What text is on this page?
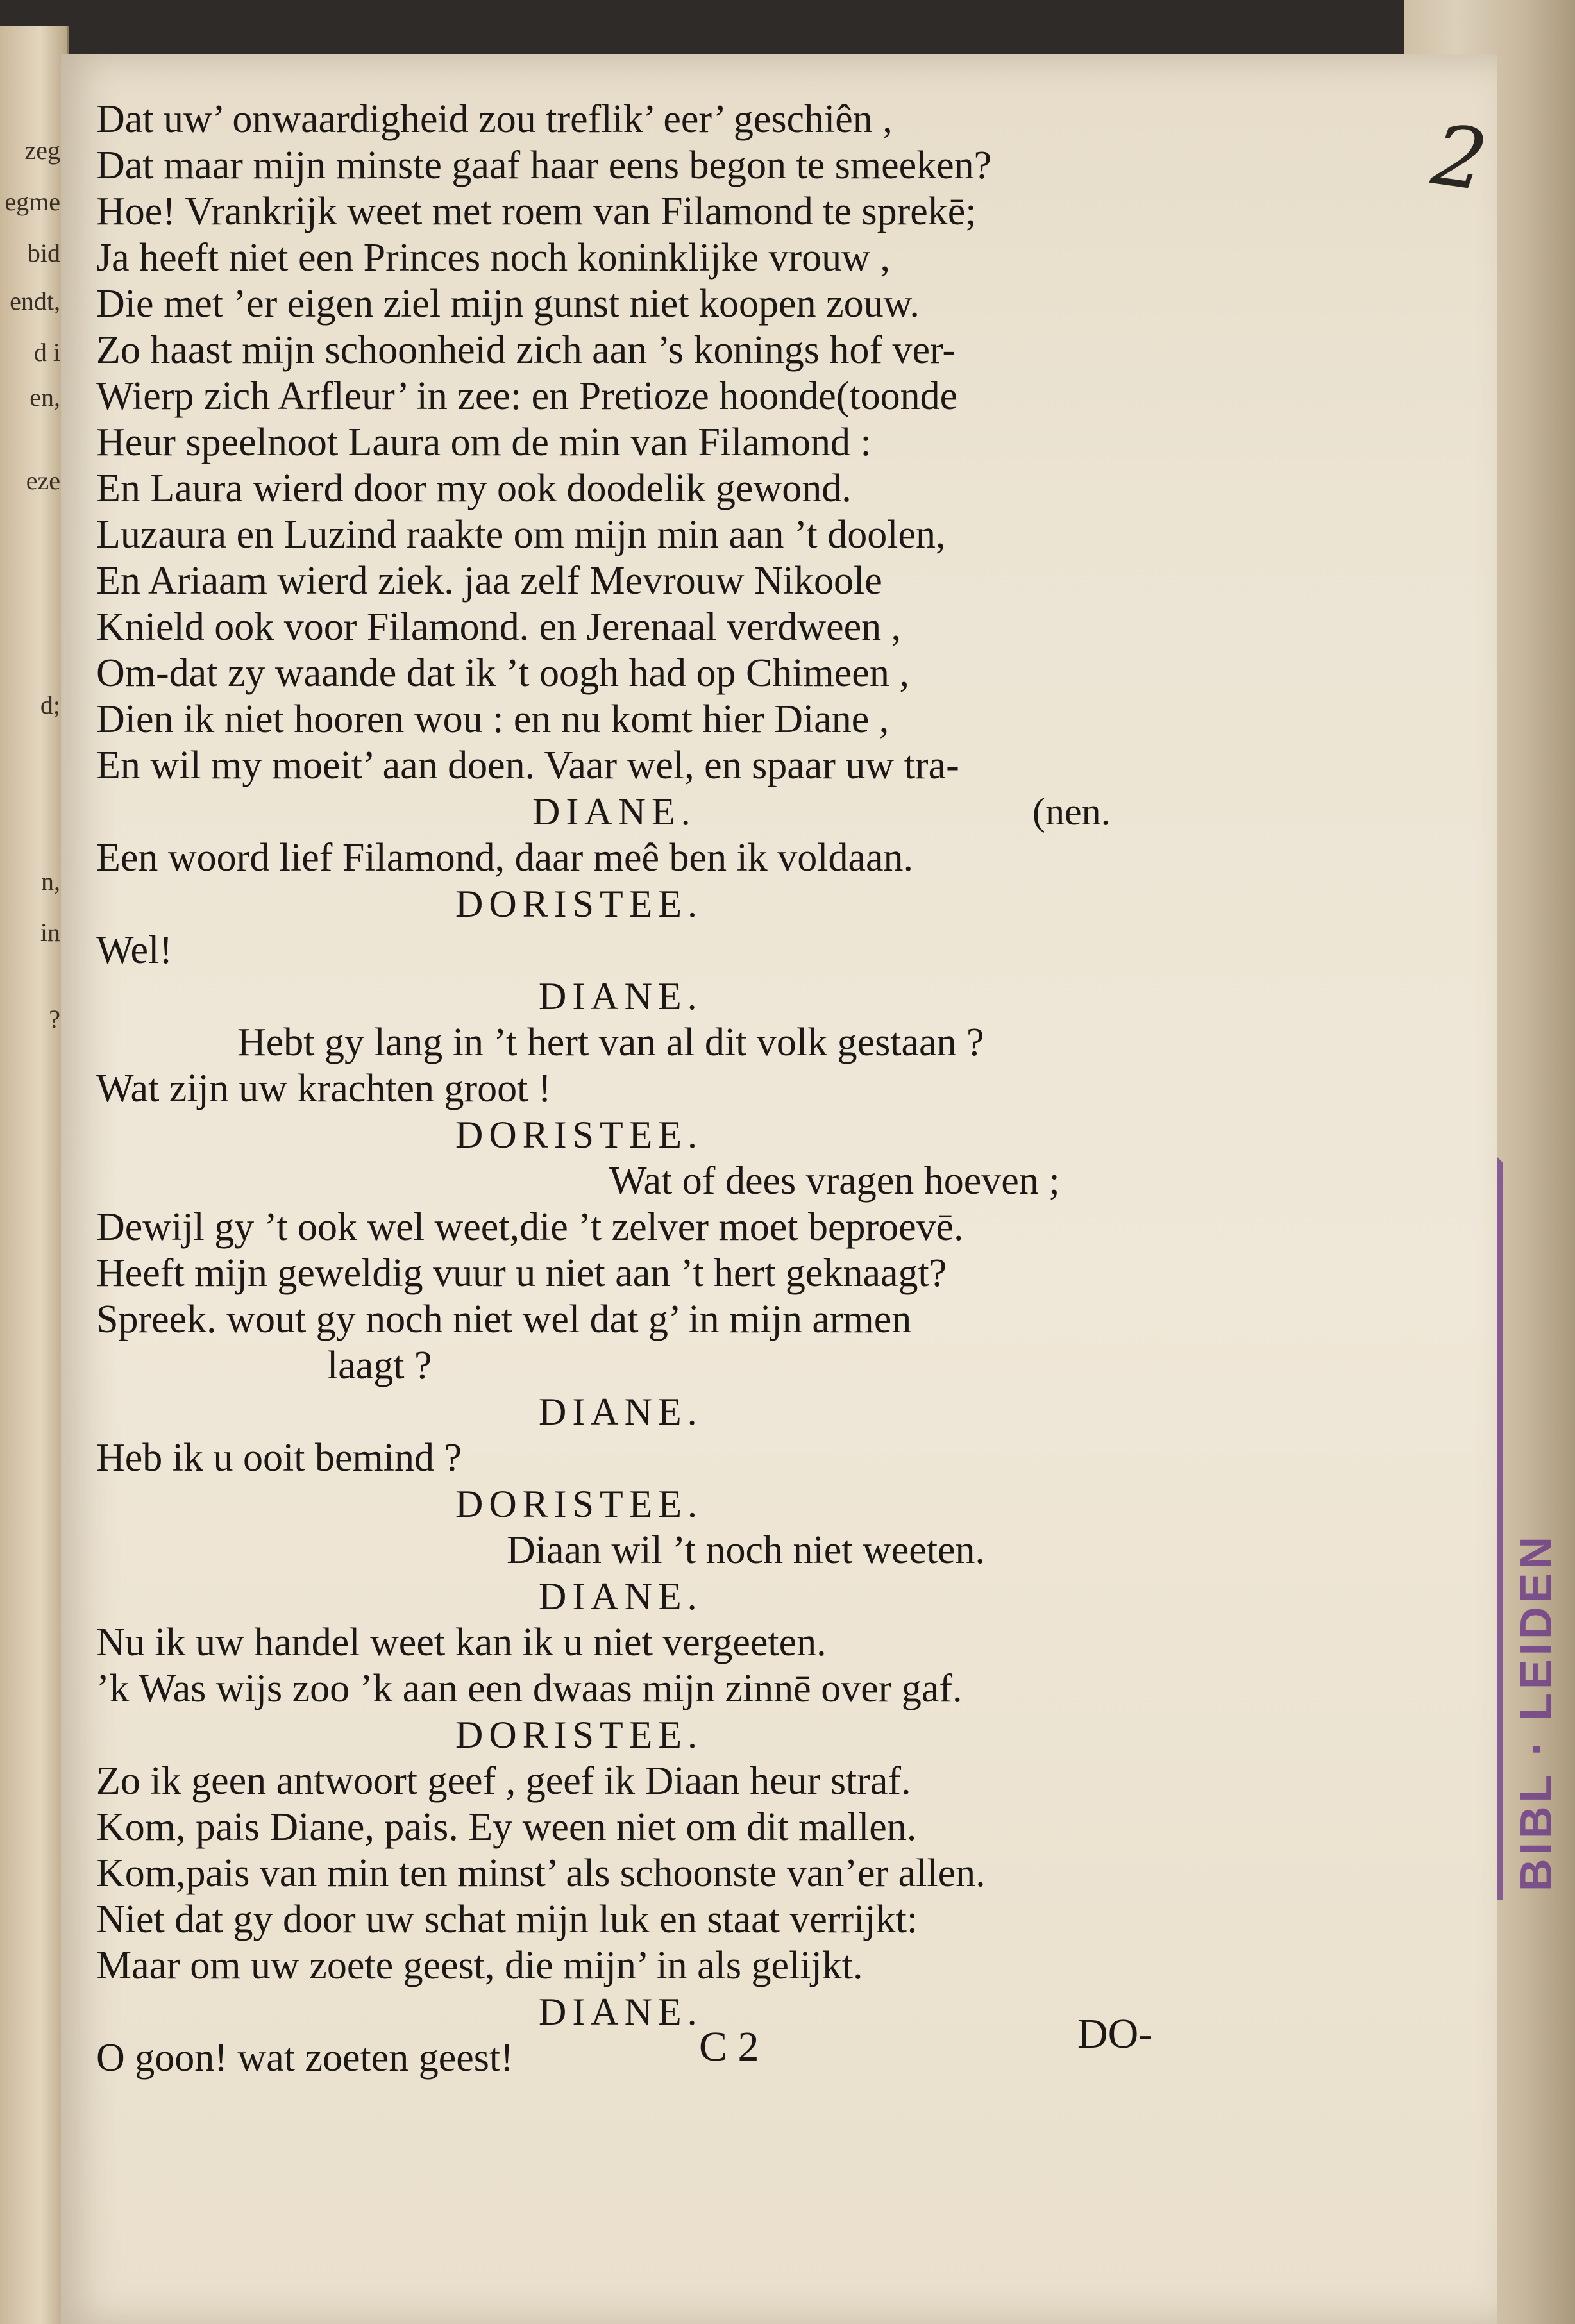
zeg
egme
bid
endt,
d i
en,
eze
d;
n,
in
?
BIBL · LEIDEN
2
Dat uw’ onwaardigheid zou treflik’ eer’ geschiên ,
Dat maar mijn minste gaaf haar eens begon te smeeken?
Hoe! Vrankrijk weet met roem van Filamond te sprekē;
Ja heeft niet een Princes noch koninklijke vrouw ,
Die met ’er eigen ziel mijn gunst niet koopen zouw.
Zo haast mijn schoonheid zich aan ’s konings hof ver-
Wierp zich Arfleur’ in zee: en Pretioze hoonde(toonde
Heur speelnoot Laura om de min van Filamond :
En Laura wierd door my ook doodelik gewond.
Luzaura en Luzind raakte om mijn min aan ’t doolen,
En Ariaam wierd ziek. jaa zelf Mevrouw Nikoole
Knield ook voor Filamond. en Jerenaal verdween ,
Om-dat zy waande dat ik ’t oogh had op Chimeen ,
Dien ik niet hooren wou : en nu komt hier Diane ,
En wil my moeit’ aan doen. Vaar wel, en spaar uw tra-
DIANE.	(nen.
Een woord lief Filamond, daar meê ben ik voldaan.
DORISTEE.
Wel!
DIANE.
Hebt gy lang in ’t hert van al dit volk gestaan ?
Wat zijn uw krachten groot !
DORISTEE.
Wat of dees vragen hoeven ;
Dewijl gy ’t ook wel weet,die ’t zelver moet beproevē.
Heeft mijn geweldig vuur u niet aan ’t hert geknaagt?
Spreek. wout gy noch niet wel dat g’ in mijn armen
laagt ?
DIANE.
Heb ik u ooit bemind ?
DORISTEE.
Diaan wil ’t noch niet weeten.
DIANE.
Nu ik uw handel weet kan ik u niet vergeeten.
’k Was wijs zoo ’k aan een dwaas mijn zinnē over gaf.
DORISTEE.
Zo ik geen antwoort geef , geef ik Diaan heur straf.
Kom, pais Diane, pais. Ey ween niet om dit mallen.
Kom,pais van min ten minst’ als schoonste van’er allen.
Niet dat gy door uw schat mijn luk en staat verrijkt:
Maar om uw zoete geest, die mijn’ in als gelijkt.
DIANE.
O goon! wat zoeten geest!	C 2	DO-
